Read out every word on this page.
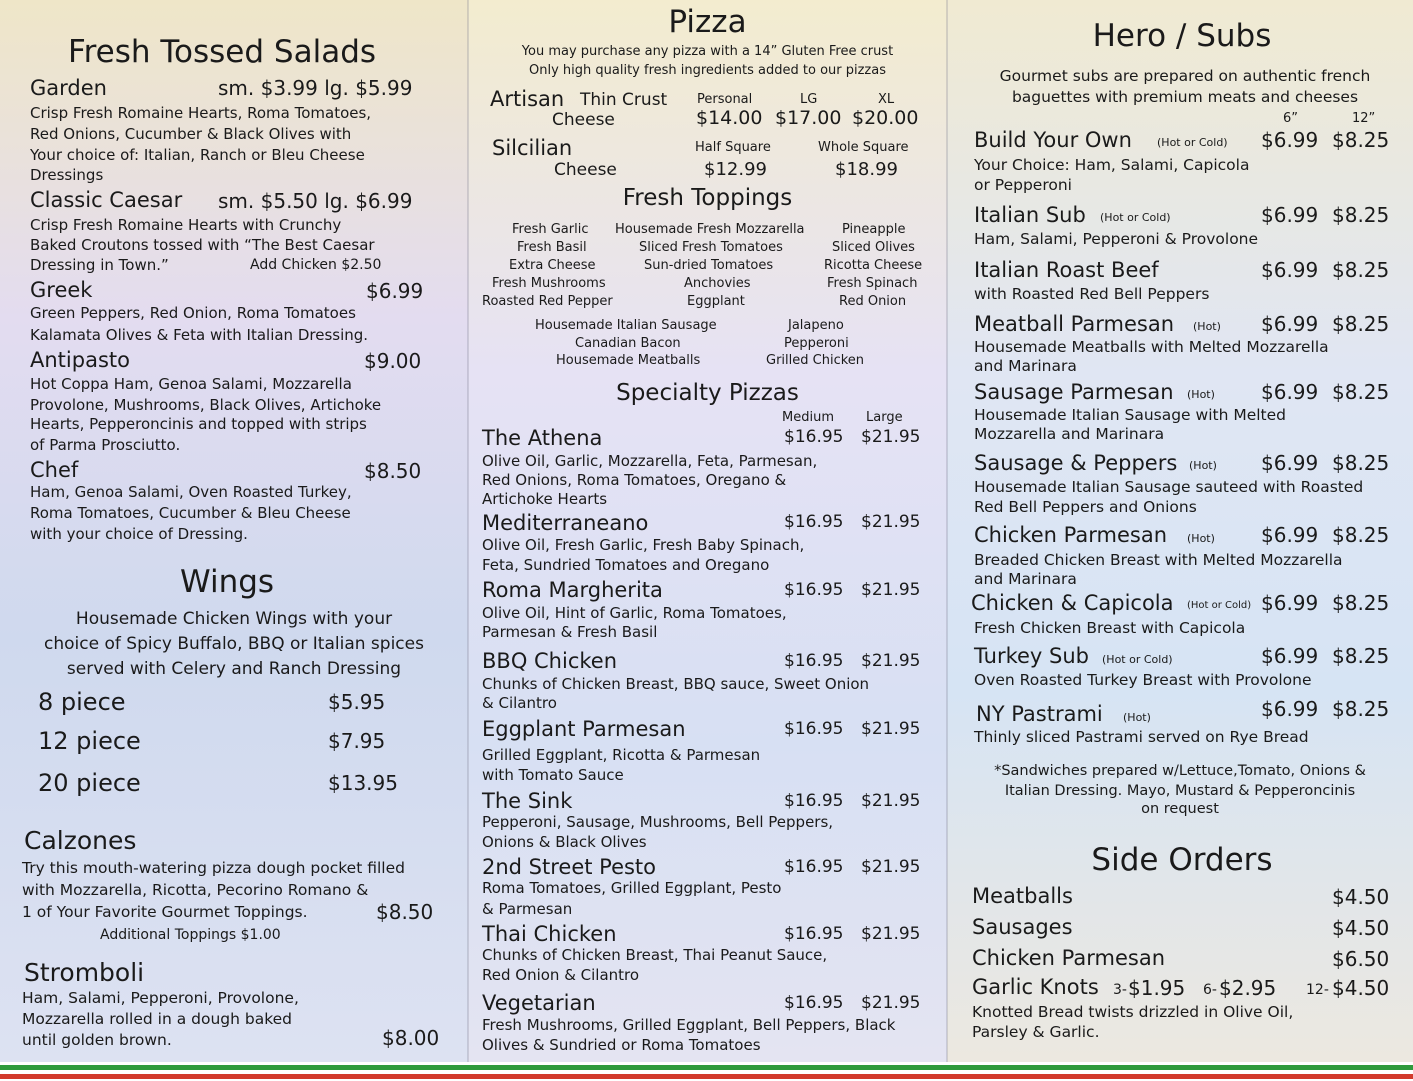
Fresh Tossed Salads
Garden	sm. $3.99 lg. $5.99
Crisp Fresh Romaine Hearts, Roma Tomatoes,
Red Onions, Cucumber & Black Olives with
Your choice of: Italian, Ranch or Bleu Cheese
Dressings
Classic Caesar sm. $5.50 lg. $6.99
Crisp Fresh Romaine Hearts with Crunchy
Baked Croutons tossed with “The Best Caesar
Dressing in Town.”	Add Chicken $2.50
Greek	$6.99
Green Peppers, Red Onion, Roma Tomatoes
Kalamata Olives & Feta with Italian Dressing.
Antipasto	$9.00
Hot Coppa Ham, Genoa Salami, Mozzarella
Provolone, Mushrooms, Black Olives, Artichoke
Hearts, Pepperoncinis and topped with strips
of Parma Prosciutto.
Chef	$8.50
Ham, Genoa Salami, Oven Roasted Turkey,
Roma Tomatoes, Cucumber & Bleu Cheese
with your choice of Dressing.
Wings
Housemade Chicken Wings with your
choice of Spicy Buffalo, BBQ or Italian spices
served with Celery and Ranch Dressing
8 piece	$5.95
12 piece	$7.95
20 piece	$13.95
Calzones
Try this mouth-watering pizza dough pocket filled
with Mozzarella, Ricotta, Pecorino Romano &
1 of Your Favorite Gourmet Toppings.	$8.50
Additional Toppings $1.00
Stromboli
Ham, Salami, Pepperoni, Provolone,
Mozzarella rolled in a dough baked
until golden brown.	$8.00
Pizza
You may purchase any pizza with a 14” Gluten Free crust
Only high quality fresh ingredients added to our pizzas
Artisan Thin Crust
Cheese
Personal	LG	XL
$14.00 $17.00 $20.00
Silcilian
Cheese
Half Square	Whole Square
$12.99	$18.99
Fresh Toppings
Fresh Garlic
Fresh Basil
Extra Cheese
Fresh Mushrooms
Roasted Red Pepper
Housemade Fresh Mozzarella
Sliced Fresh Tomatoes
Sun-dried Tomatoes
Anchovies
Eggplant
Pineapple
Sliced Olives
Ricotta Cheese
Fresh Spinach
Red Onion
Housemade Italian Sausage
Canadian Bacon
Housemade Meatballs
Jalapeno
Pepperoni
Grilled Chicken
Specialty Pizzas
Medium Large
The Athena	$16.95 $21.95
Olive Oil, Garlic, Mozzarella, Feta, Parmesan,
Red Onions, Roma Tomatoes, Oregano &
Artichoke Hearts
Mediterraneano	$16.95 $21.95
Olive Oil, Fresh Garlic, Fresh Baby Spinach,
Feta, Sundried Tomatoes and Oregano
Roma Margherita	$16.95 $21.95
Olive Oil, Hint of Garlic, Roma Tomatoes,
Parmesan & Fresh Basil
BBQ Chicken	$16.95 $21.95
Chunks of Chicken Breast, BBQ sauce, Sweet Onion
& Cilantro
Eggplant Parmesan	$16.95 $21.95
Grilled Eggplant, Ricotta & Parmesan
with Tomato Sauce
The Sink	$16.95 $21.95
Pepperoni, Sausage, Mushrooms, Bell Peppers,
Onions & Black Olives
2nd Street Pesto	$16.95 $21.95
Roma Tomatoes, Grilled Eggplant, Pesto
& Parmesan
Thai Chicken	$16.95 $21.95
Chunks of Chicken Breast, Thai Peanut Sauce,
Red Onion & Cilantro
Vegetarian	$16.95 $21.95
Fresh Mushrooms, Grilled Eggplant, Bell Peppers, Black
Olives & Sundried or Roma Tomatoes
Hero / Subs
Gourmet subs are prepared on authentic french
baguettes with premium meats and cheeses
6”	12”
Build Your Own (Hot or Cold) $6.99 $8.25
Your Choice: Ham, Salami, Capicola
or Pepperoni
Italian Sub (Hot or Cold)	$6.99 $8.25
Ham, Salami, Pepperoni & Provolone
Italian Roast Beef	$6.99 $8.25
with Roasted Red Bell Peppers
Meatball Parmesan (Hot) $6.99 $8.25
Housemade Meatballs with Melted Mozzarella
and Marinara
Sausage Parmesan (Hot) $6.99 $8.25
Housemade Italian Sausage with Melted
Mozzarella and Marinara
Sausage & Peppers (Hot) $6.99 $8.25
Housemade Italian Sausage sauteed with Roasted
Red Bell Peppers and Onions
Chicken Parmesan (Hot) $6.99 $8.25
Breaded Chicken Breast with Melted Mozzarella
and Marinara
Chicken & Capicola (Hot or Cold) $6.99 $8.25
Fresh Chicken Breast with Capicola
Turkey Sub (Hot or Cold)	$6.99 $8.25
Oven Roasted Turkey Breast with Provolone
NY Pastrami (Hot)	$6.99 $8.25
Thinly sliced Pastrami served on Rye Bread
*Sandwiches prepared w/Lettuce,Tomato, Onions &
Italian Dressing. Mayo, Mustard & Pepperoncinis
on request
Side Orders
Meatballs	$4.50
Sausages	$4.50
Chicken Parmesan	$6.50
Garlic Knots 3- $1.95 6- $2.95 12- $4.50
Knotted Bread twists drizzled in Olive Oil,
Parsley & Garlic.
